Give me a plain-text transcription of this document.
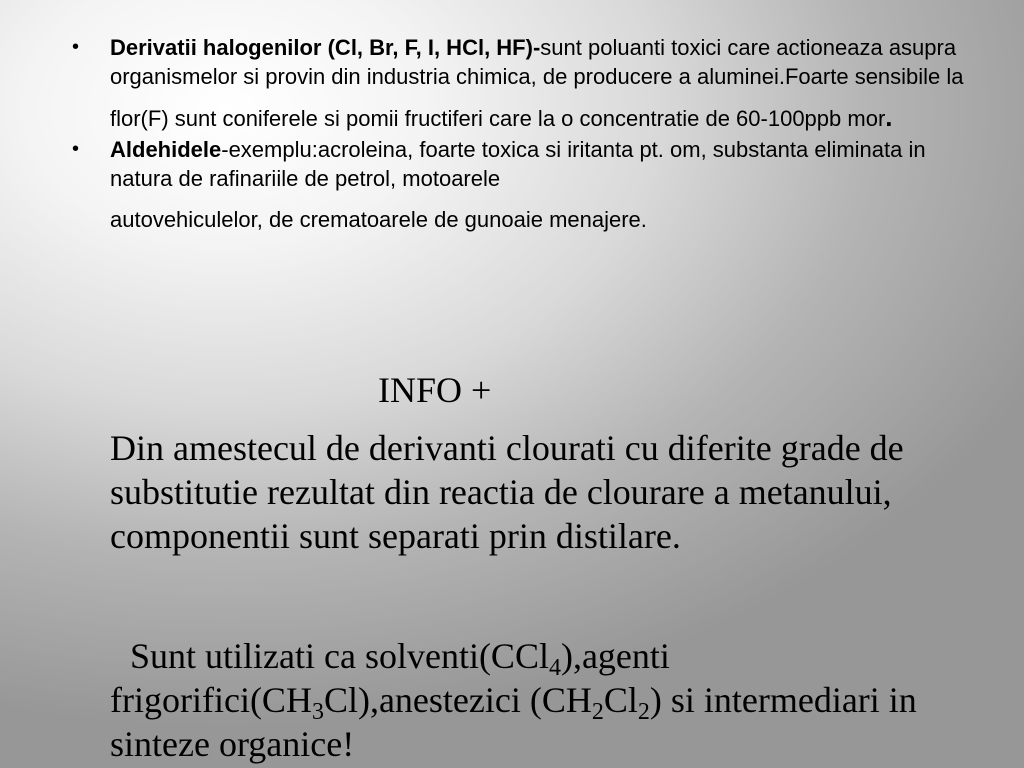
• Derivatii halogenilor (Cl, Br, F, I, HCl, HF)-sunt poluanti toxici care actioneaza asupra organismelor si provin din industria chimica, de producere a aluminei.Foarte sensibile la flor(F) sunt coniferele si pomii fructiferi care la o concentratie de 60-100ppb mor.
• Aldehidele-exemplu:acroleina, foarte toxica si iritanta pt. om, substanta eliminata in natura de rafinariile de petrol, motoarele autovehiculelor, de crematoarele de gunoaie menajere.

INFO +

Din amestecul de derivanti clourati cu diferite grade de substitutie rezultat din reactia de clourare a metanului, componentii sunt separati prin distilare.

Sunt utilizati ca solventi(CCl$_4$),agenti $frigorifici(CH_3Cl),anestezici$ $(CH_2Cl_2)$ si intermediari in sinteze organice!
